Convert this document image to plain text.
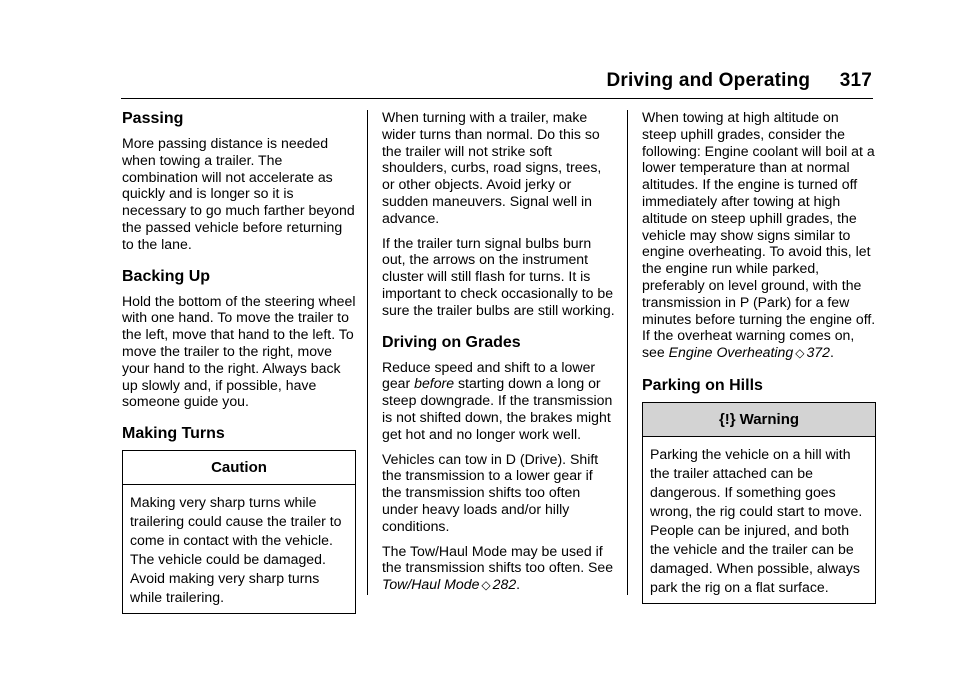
Driving and Operating 317
Passing

More passing distance is needed when towing a trailer. The combination will not accelerate as quickly and is longer so it is necessary to go much farther beyond the passed vehicle before returning to the lane.

Backing Up

Hold the bottom of the steering wheel with one hand. To move the trailer to the left, move that hand to the left. To move the trailer to the right, move your hand to the right. Always back up slowly and, if possible, have someone guide you.

Making Turns
Caution
Making very sharp turns while trailering could cause the trailer to come in contact with the vehicle. The vehicle could be damaged. Avoid making very sharp turns while trailering.

When turning with a trailer, make wider turns than normal. Do this so the trailer will not strike soft shoulders, curbs, road signs, trees, or other objects. Avoid jerky or sudden maneuvers. Signal well in advance.

If the trailer turn signal bulbs burn out, the arrows on the instrument cluster will still flash for turns. It is important to check occasionally to be sure the trailer bulbs are still working.

Driving on Grades

Reduce speed and shift to a lower gear before starting down a long or steep downgrade. If the transmission is not shifted down, the brakes might get hot and no longer work well.

Vehicles can tow in D (Drive). Shift the transmission to a lower gear if the transmission shifts too often under heavy loads and/or hilly conditions.

The Tow/Haul Mode may be used if the transmission shifts too often. See Tow/Haul Mode ◇ 282.

When towing at high altitude on steep uphill grades, consider the following: Engine coolant will boil at a lower temperature than at normal altitudes. If the engine is turned off immediately after towing at high altitude on steep uphill grades, the vehicle may show signs similar to engine overheating. To avoid this, let the engine run while parked, preferably on level ground, with the transmission in P (Park) for a few minutes before turning the engine off. If the overheat warning comes on, see Engine Overheating ◇ 372.

Parking on Hills
{!} Warning
Parking the vehicle on a hill with the trailer attached can be dangerous. If something goes wrong, the rig could start to move. People can be injured, and both the vehicle and the trailer can be damaged. When possible, always park the rig on a flat surface.
